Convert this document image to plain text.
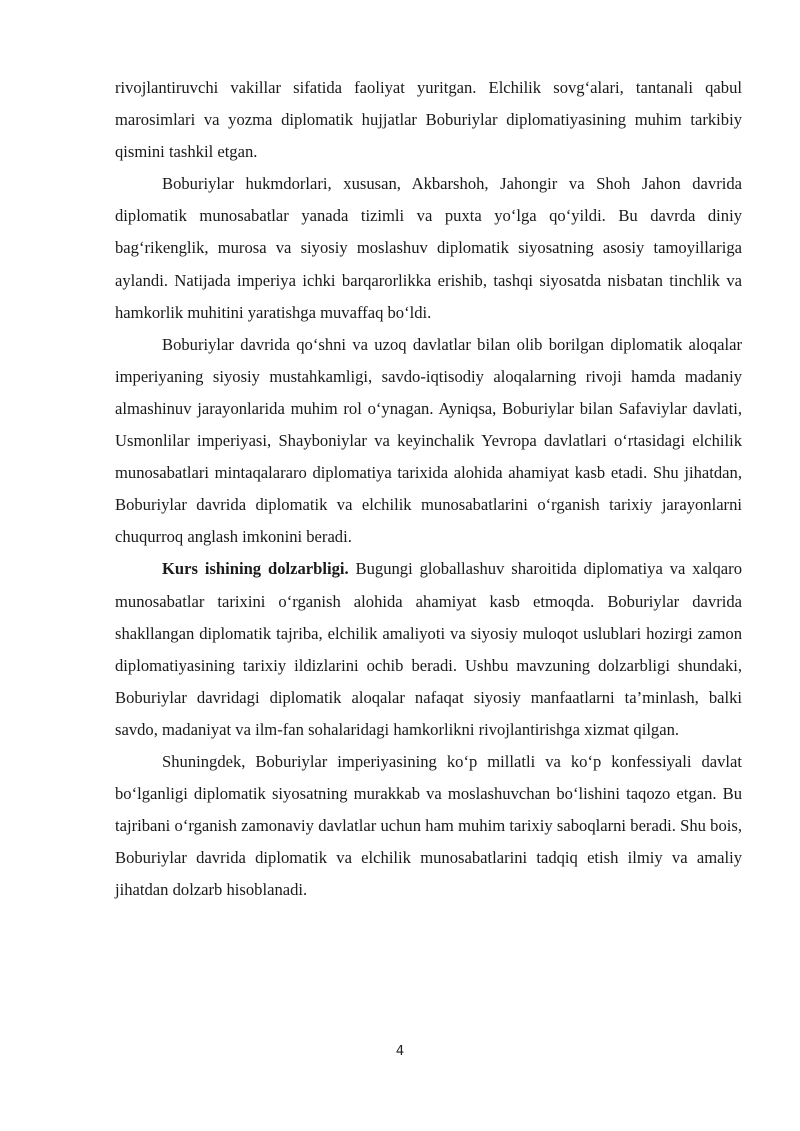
rivojlantiruvchi vakillar sifatida faoliyat yuritgan. Elchilik sovg‘alari, tantanali qabul marosimlari va yozma diplomatik hujjatlar Boburiylar diplomatiyasining muhim tarkibiy qismini tashkil etgan.

Boburiylar hukmdorlari, xususan, Akbarshoh, Jahongir va Shoh Jahon davrida diplomatik munosabatlar yanada tizimli va puxta yo‘lga qo‘yildi. Bu davrda diniy bag‘rikenglik, murosa va siyosiy moslashuv diplomatik siyosatning asosiy tamoyillariga aylandi. Natijada imperiya ichki barqarorlikka erishib, tashqi siyosatda nisbatan tinchlik va hamkorlik muhitini yaratishga muvaffaq bo‘ldi.

Boburiylar davrida qo‘shni va uzoq davlatlar bilan olib borilgan diplomatik aloqalar imperiyaning siyosiy mustahkamligi, savdo-iqtisodiy aloqalarning rivoji hamda madaniy almashinuv jarayonlarida muhim rol o‘ynagan. Ayniqsa, Boburiylar bilan Safaviylar davlati, Usmonlilar imperiyasi, Shayboniylar va keyinchalik Yevropa davlatlari o‘rtasidagi elchilik munosabatlari mintaqalararo diplomatiya tarixida alohida ahamiyat kasb etadi. Shu jihatdan, Boburiylar davrida diplomatik va elchilik munosabatlarini o‘rganish tarixiy jarayonlarni chuqurroq anglash imkonini beradi.

Kurs ishining dolzarbligi. Bugungi globallashuv sharoitida diplomatiya va xalqaro munosabatlar tarixini o‘rganish alohida ahamiyat kasb etmoqda. Boburiylar davrida shakllangan diplomatik tajriba, elchilik amaliyoti va siyosiy muloqot uslublari hozirgi zamon diplomatiyasining tarixiy ildizlarini ochib beradi. Ushbu mavzuning dolzarbligi shundaki, Boburiylar davridagi diplomatik aloqalar nafaqat siyosiy manfaatlarni ta’minlash, balki savdo, madaniyat va ilm-fan sohalaridagi hamkorlikni rivojlantirishga xizmat qilgan.

Shuningdek, Boburiylar imperiyasining ko‘p millatli va ko‘p konfessiyali davlat bo‘lganligi diplomatik siyosatning murakkab va moslashuvchan bo‘lishini taqozo etgan. Bu tajribani o‘rganish zamonaviy davlatlar uchun ham muhim tarixiy saboqlarni beradi. Shu bois, Boburiylar davrida diplomatik va elchilik munosabatlarini tadqiq etish ilmiy va amaliy jihatdan dolzarb hisoblanadi.

4
